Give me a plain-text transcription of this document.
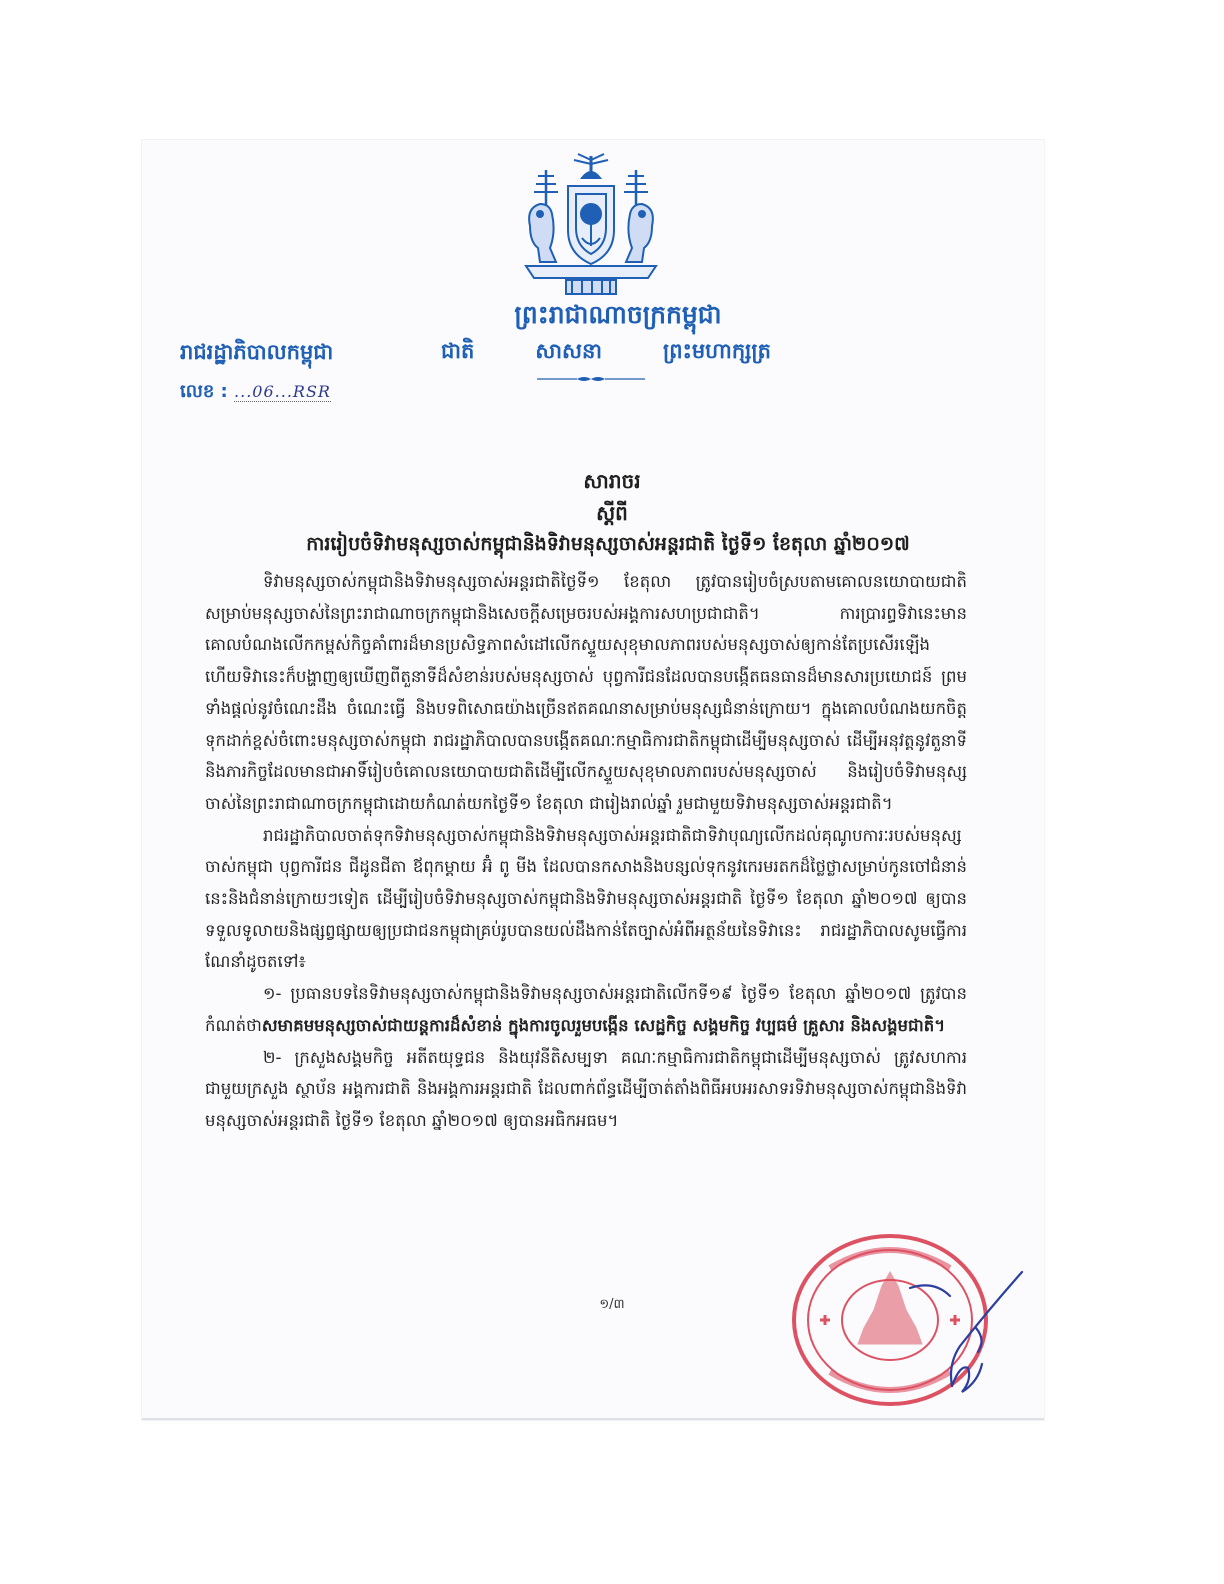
ព្រះរាជាណាចក្រកម្ពុជា
ជាតិ	សាសនា	ព្រះមហាក្សត្រ
រាជរដ្ឋាភិបាលកម្ពុជា
លេខ : ...06...RSR
សារាចរ
ស្ដីពី
ការរៀបចំទិវាមនុស្សចាស់កម្ពុជានិងទិវាមនុស្សចាស់អន្តរជាតិ ថ្ងៃទី១ ខែតុលា ឆ្នាំ២០១៧

ទិវាមនុស្សចាស់កម្ពុជានិងទិវាមនុស្សចាស់អន្តរជាតិថ្ងៃទី១ ខែតុលា ត្រូវបានរៀបចំស្របតាមគោលនយោបាយជាតិសម្រាប់មនុស្សចាស់នៃព្រះរាជាណាចក្រកម្ពុជានិងសេចក្តីសម្រេចរបស់អង្គការសហប្រជាជាតិ។ ការប្រារព្ធទិវានេះមានគោលបំណងលើកកម្ពស់កិច្ចគាំពារដ៏មានប្រសិទ្ធភាពសំដៅលើកស្ទួយសុខុមាលភាពរបស់មនុស្សចាស់ឲ្យកាន់តែប្រសើរឡើង ហើយទិវានេះក៏បង្ហាញឲ្យឃើញពីតួនាទីដ៏សំខាន់របស់មនុស្សចាស់ បុព្វការីជនដែលបានបង្កើតធនធានដ៏មានសារប្រយោជន៍ ព្រមទាំងផ្តល់នូវចំណេះដឹង ចំណេះធ្វើ និងបទពិសោធយ៉ាងច្រើនឥតគណនាសម្រាប់មនុស្សជំនាន់ក្រោយ។ ក្នុងគោលបំណងយកចិត្តទុកដាក់ខ្ពស់ចំពោះមនុស្សចាស់កម្ពុជា រាជរដ្ឋាភិបាលបានបង្កើតគណៈកម្មាធិការជាតិកម្ពុជាដើម្បីមនុស្សចាស់ ដើម្បីអនុវត្តនូវតួនាទីនិងភារកិច្ចដែលមានជាអាទិ៍រៀបចំគោលនយោបាយជាតិដើម្បីលើកស្ទួយសុខុមាលភាពរបស់មនុស្សចាស់ និងរៀបចំទិវាមនុស្សចាស់នៃព្រះរាជាណាចក្រកម្ពុជាដោយកំណត់យកថ្ងៃទី១ ខែតុលា ជារៀងរាល់ឆ្នាំ រួមជាមួយទិវាមនុស្សចាស់អន្តរជាតិ។

រាជរដ្ឋាភិបាលចាត់ទុកទិវាមនុស្សចាស់កម្ពុជានិងទិវាមនុស្សចាស់អន្តរជាតិជាទិវាបុណ្យលើកដល់គុណូបការៈរបស់មនុស្សចាស់កម្ពុជា បុព្វការីជន ជីដូនជីតា ឪពុកម្ដាយ អ៊ំ ពូ មីង ដែលបានកសាងនិងបន្សល់ទុកនូវកេរមរតកដ៏ថ្លៃថ្លាសម្រាប់កូនចៅជំនាន់នេះនិងជំនាន់ក្រោយៗទៀត ដើម្បីរៀបចំទិវាមនុស្សចាស់កម្ពុជានិងទិវាមនុស្សចាស់អន្តរជាតិ ថ្ងៃទី១ ខែតុលា ឆ្នាំ២០១៧ ឲ្យបានទទួលទូលាយនិងផ្សព្វផ្សាយឲ្យប្រជាជនកម្ពុជាគ្រប់រូបបានយល់ដឹងកាន់តែច្បាស់អំពីអត្ថន័យនៃទិវានេះ រាជរដ្ឋាភិបាលសូមធ្វើការណែនាំដូចតទៅ៖

១- ប្រធានបទនៃទិវាមនុស្សចាស់កម្ពុជានិងទិវាមនុស្សចាស់អន្តរជាតិលើកទី១៩ ថ្ងៃទី១ ខែតុលា ឆ្នាំ២០១៧ ត្រូវបានកំណត់ថាសមាគមមនុស្សចាស់ជាយន្តការដ៏សំខាន់ ក្នុងការចូលរួមបង្កើន សេដ្ឋកិច្ច សង្គមកិច្ច វប្បធម៌ គ្រួសារ និងសង្គមជាតិ។

២- ក្រសួងសង្គមកិច្ច អតីតយុទ្ធជន និងយុវនីតិសម្បទា គណៈកម្មាធិការជាតិកម្ពុជាដើម្បីមនុស្សចាស់ ត្រូវសហការជាមួយក្រសួង ស្ថាប័ន អង្គការជាតិ និងអង្គការអន្តរជាតិ ដែលពាក់ព័ន្ធដើម្បីចាត់តាំងពិធីអបអរសាទរទិវាមនុស្សចាស់កម្ពុជានិងទិវាមនុស្សចាស់អន្តរជាតិ ថ្ងៃទី១ ខែតុលា ឆ្នាំ២០១៧ ឲ្យបានអធិកអធម។

១/៣
